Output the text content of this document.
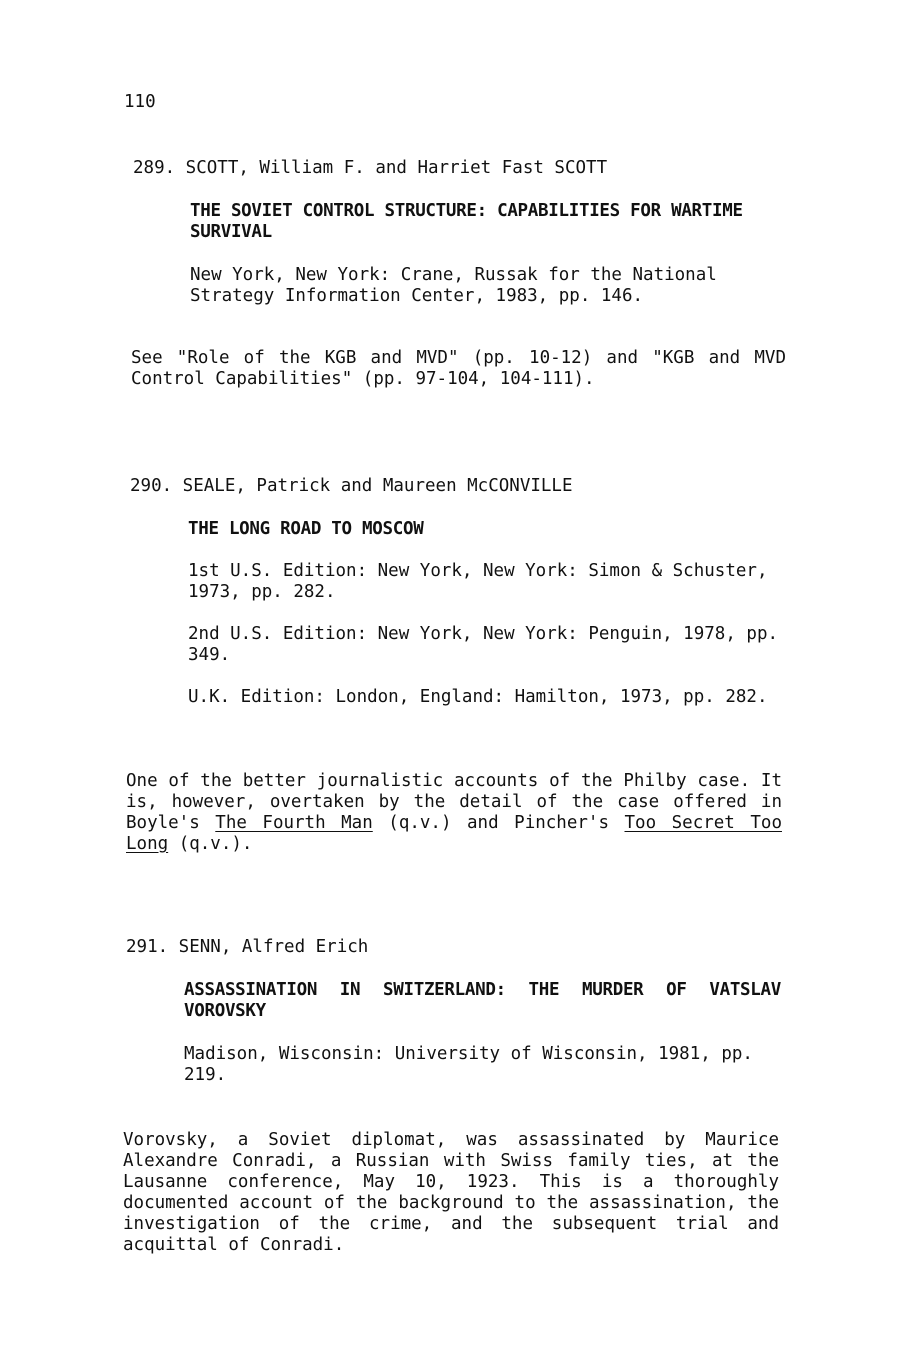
110
289. SCOTT, William F. and Harriet Fast SCOTT
THE SOVIET CONTROL STRUCTURE: CAPABILITIES FOR WARTIME SURVIVAL
New York, New York: Crane, Russak for the National Strategy Information Center, 1983, pp. 146.
See "Role of the KGB and MVD" (pp. 10-12) and "KGB and MVD Control Capabilities" (pp. 97-104, 104-111).
290. SEALE, Patrick and Maureen McCONVILLE
THE LONG ROAD TO MOSCOW
1st U.S. Edition: New York, New York: Simon & Schuster, 1973, pp. 282.
2nd U.S. Edition: New York, New York: Penguin, 1978, pp. 349.
U.K. Edition: London, England: Hamilton, 1973, pp. 282.
One of the better journalistic accounts of the Philby case. It is, however, overtaken by the detail of the case offered in Boyle's The Fourth Man (q.v.) and Pincher's Too Secret Too Long (q.v.).
291. SENN, Alfred Erich
ASSASSINATION IN SWITZERLAND: THE MURDER OF VATSLAV VOROVSKY
Madison, Wisconsin: University of Wisconsin, 1981, pp. 219.
Vorovsky, a Soviet diplomat, was assassinated by Maurice Alexandre Conradi, a Russian with Swiss family ties, at the Lausanne conference, May 10, 1923. This is a thoroughly documented account of the background to the assassination, the investigation of the crime, and the subsequent trial and acquittal of Conradi.
